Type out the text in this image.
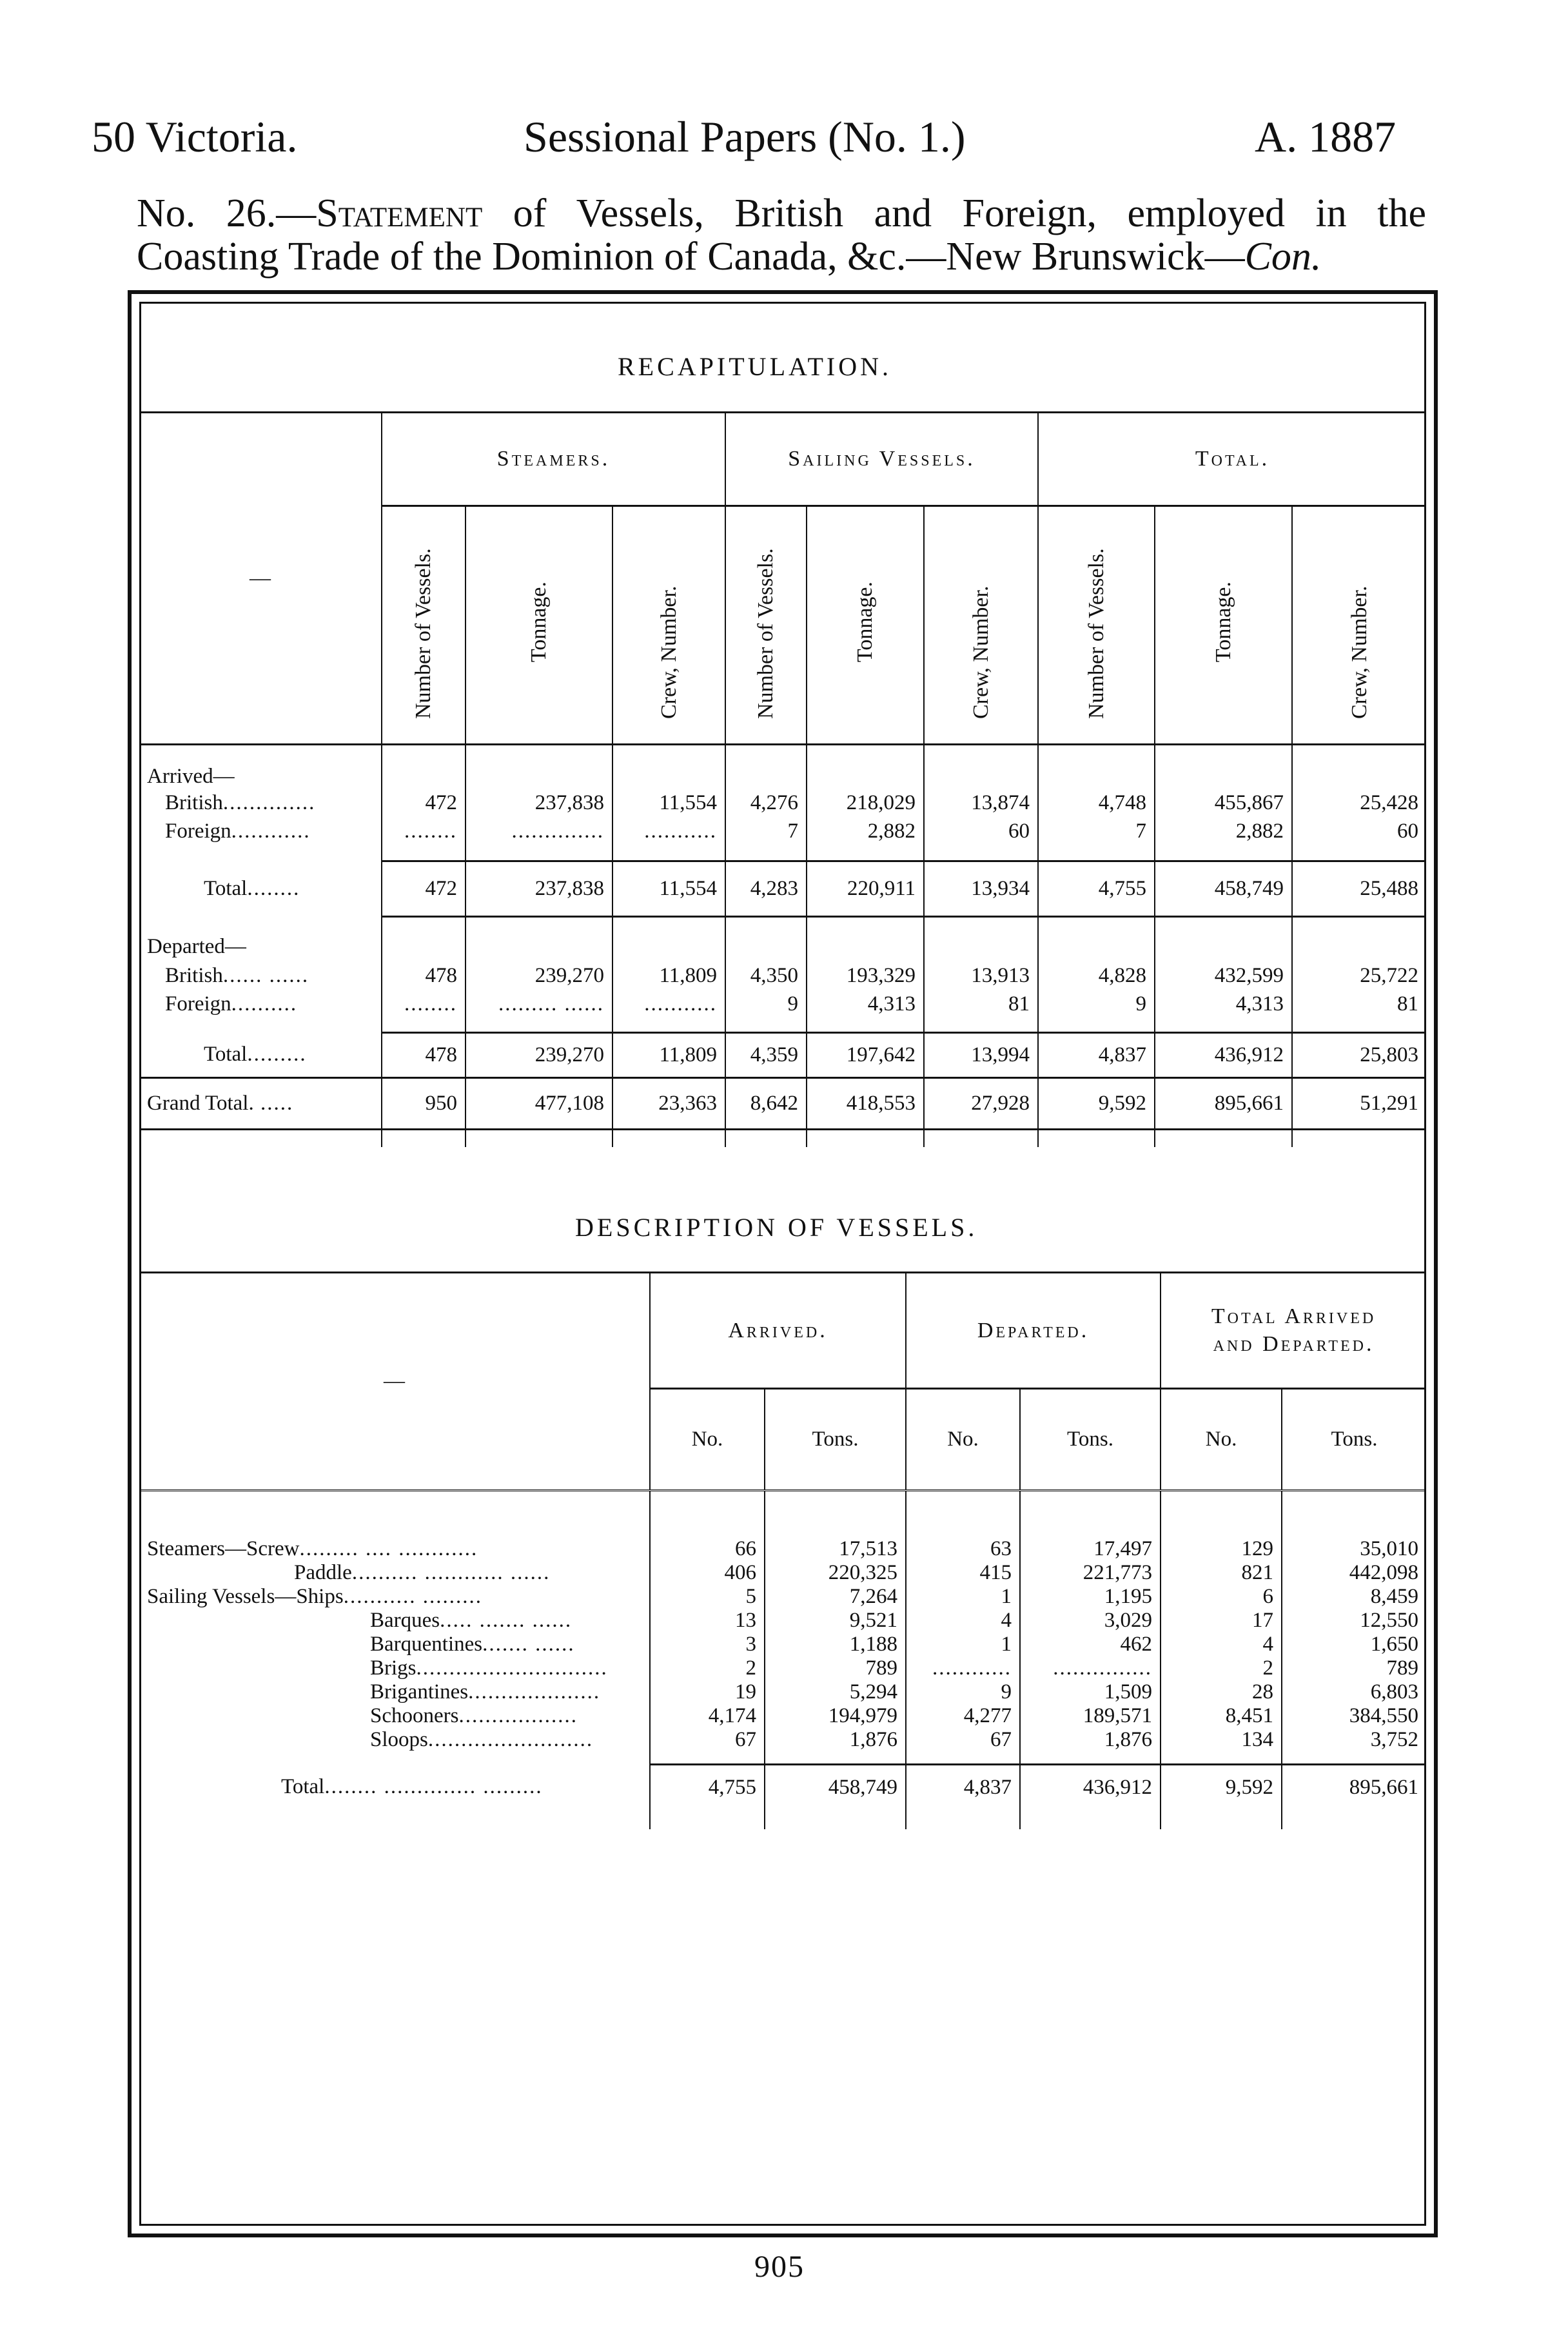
50 Victoria.	Sessional Papers (No. 1.)	A. 1887
No. 26.—Statement of Vessels, British and Foreign, employed in the
Coasting Trade of the Dominion of Canada, &c.—New Brunswick—Con.
RECAPITULATION.
—	Steamers.			Sailing Vessels.			Total.		
	Number of Vessels.	Tonnage.	Crew, Number.	Number of Vessels.	Tonnage.	Crew, Number.	Number of Vessels.	Tonnage.	Crew, Number.
Arrived—									
British..............	472	237,838	11,554	4,276	218,029	13,874	4,748	455,867	25,428
Foreign............	........	..............	...........	7	2,882	60	7	2,882	60

Total........	472	237,838	11,554	4,283	220,911	13,934	4,755	458,749	25,488

Departed—									
British...... ......	478	239,270	11,809	4,350	193,329	13,913	4,828	432,599	25,722
Foreign..........	........	......... ......	...........	9	4,313	81	9	4,313	81

Total.........	478	239,270	11,809	4,359	197,642	13,994	4,837	436,912	25,803
Grand Total. .....	950	477,108	23,363	8,642	418,553	27,928	9,592	895,661	51,291

DESCRIPTION OF VESSELS.
—	Arrived.		Departed.		Total Arrived and Departed.	
	No.	Tons.	No.	Tons.	No.	Tons.

Steamers—Screw......... .... ............	66	17,513	63	17,497	129	35,010
Paddle.......... ............ ......	406	220,325	415	221,773	821	442,098
Sailing Vessels—Ships........... .........	5	7,264	1	1,195	6	8,459
Barques..... ....... ......	13	9,521	4	3,029	17	12,550
Barquentines....... ......	3	1,188	1	462	4	1,650
Brigs.............................	2	789	............	...............	2	789
Brigantines....................	19	5,294	9	1,509	28	6,803
Schooners..................	4,174	194,979	4,277	189,571	8,451	384,550
Sloops.........................	67	1,876	67	1,876	134	3,752

Total........ .............. .........	4,755	458,749	4,837	436,912	9,592	895,661

905
